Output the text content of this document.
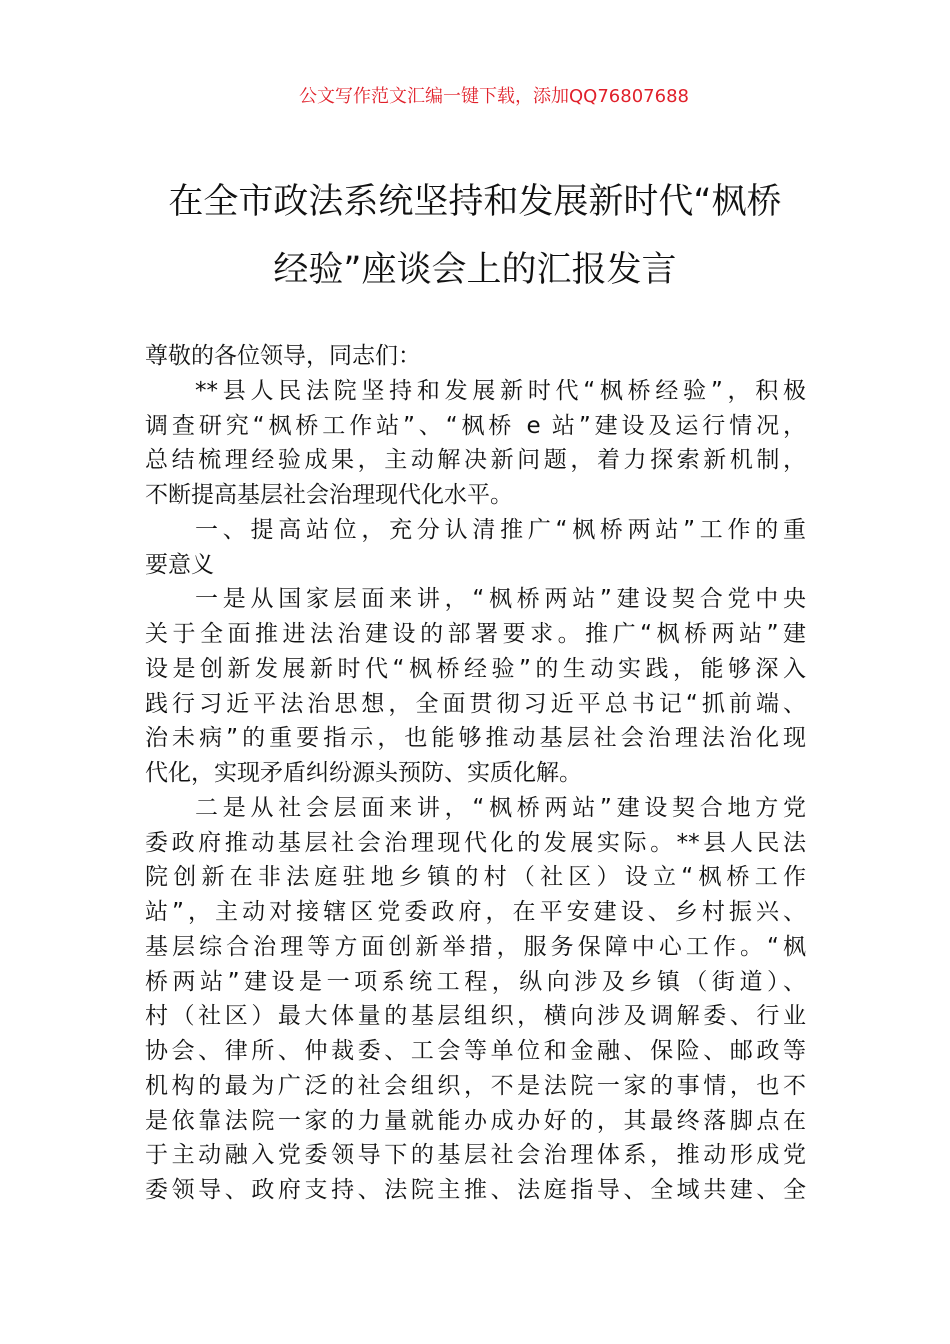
公文写作范文汇编一键下载，添加QQ76807688
在全市政法系统坚持和发展新时代“枫桥
经验”座谈会上的汇报发言
尊敬的各位领导，同志们：
**县人民法院坚持和发展新时代“枫桥经验”，积极
调查研究“枫桥工作站”、“枫桥 e 站”建设及运行情况，
总结梳理经验成果，主动解决新问题，着力探索新机制，
不断提高基层社会治理现代化水平。
一、提高站位，充分认清推广“枫桥两站”工作的重
要意义
一是从国家层面来讲，“枫桥两站”建设契合党中央
关于全面推进法治建设的部署要求。推广“枫桥两站”建
设是创新发展新时代“枫桥经验”的生动实践，能够深入
践行习近平法治思想，全面贯彻习近平总书记“抓前端、
治未病”的重要指示，也能够推动基层社会治理法治化现
代化，实现矛盾纠纷源头预防、实质化解。
二是从社会层面来讲，“枫桥两站”建设契合地方党
委政府推动基层社会治理现代化的发展实际。**县人民法
院创新在非法庭驻地乡镇的村（社区）设立“枫桥工作
站”，主动对接辖区党委政府，在平安建设、乡村振兴、
基层综合治理等方面创新举措，服务保障中心工作。“枫
桥两站”建设是一项系统工程，纵向涉及乡镇（街道）、
村（社区）最大体量的基层组织，横向涉及调解委、行业
协会、律所、仲裁委、工会等单位和金融、保险、邮政等
机构的最为广泛的社会组织，不是法院一家的事情，也不
是依靠法院一家的力量就能办成办好的，其最终落脚点在
于主动融入党委领导下的基层社会治理体系，推动形成党
委领导、政府支持、法院主推、法庭指导、全域共建、全
